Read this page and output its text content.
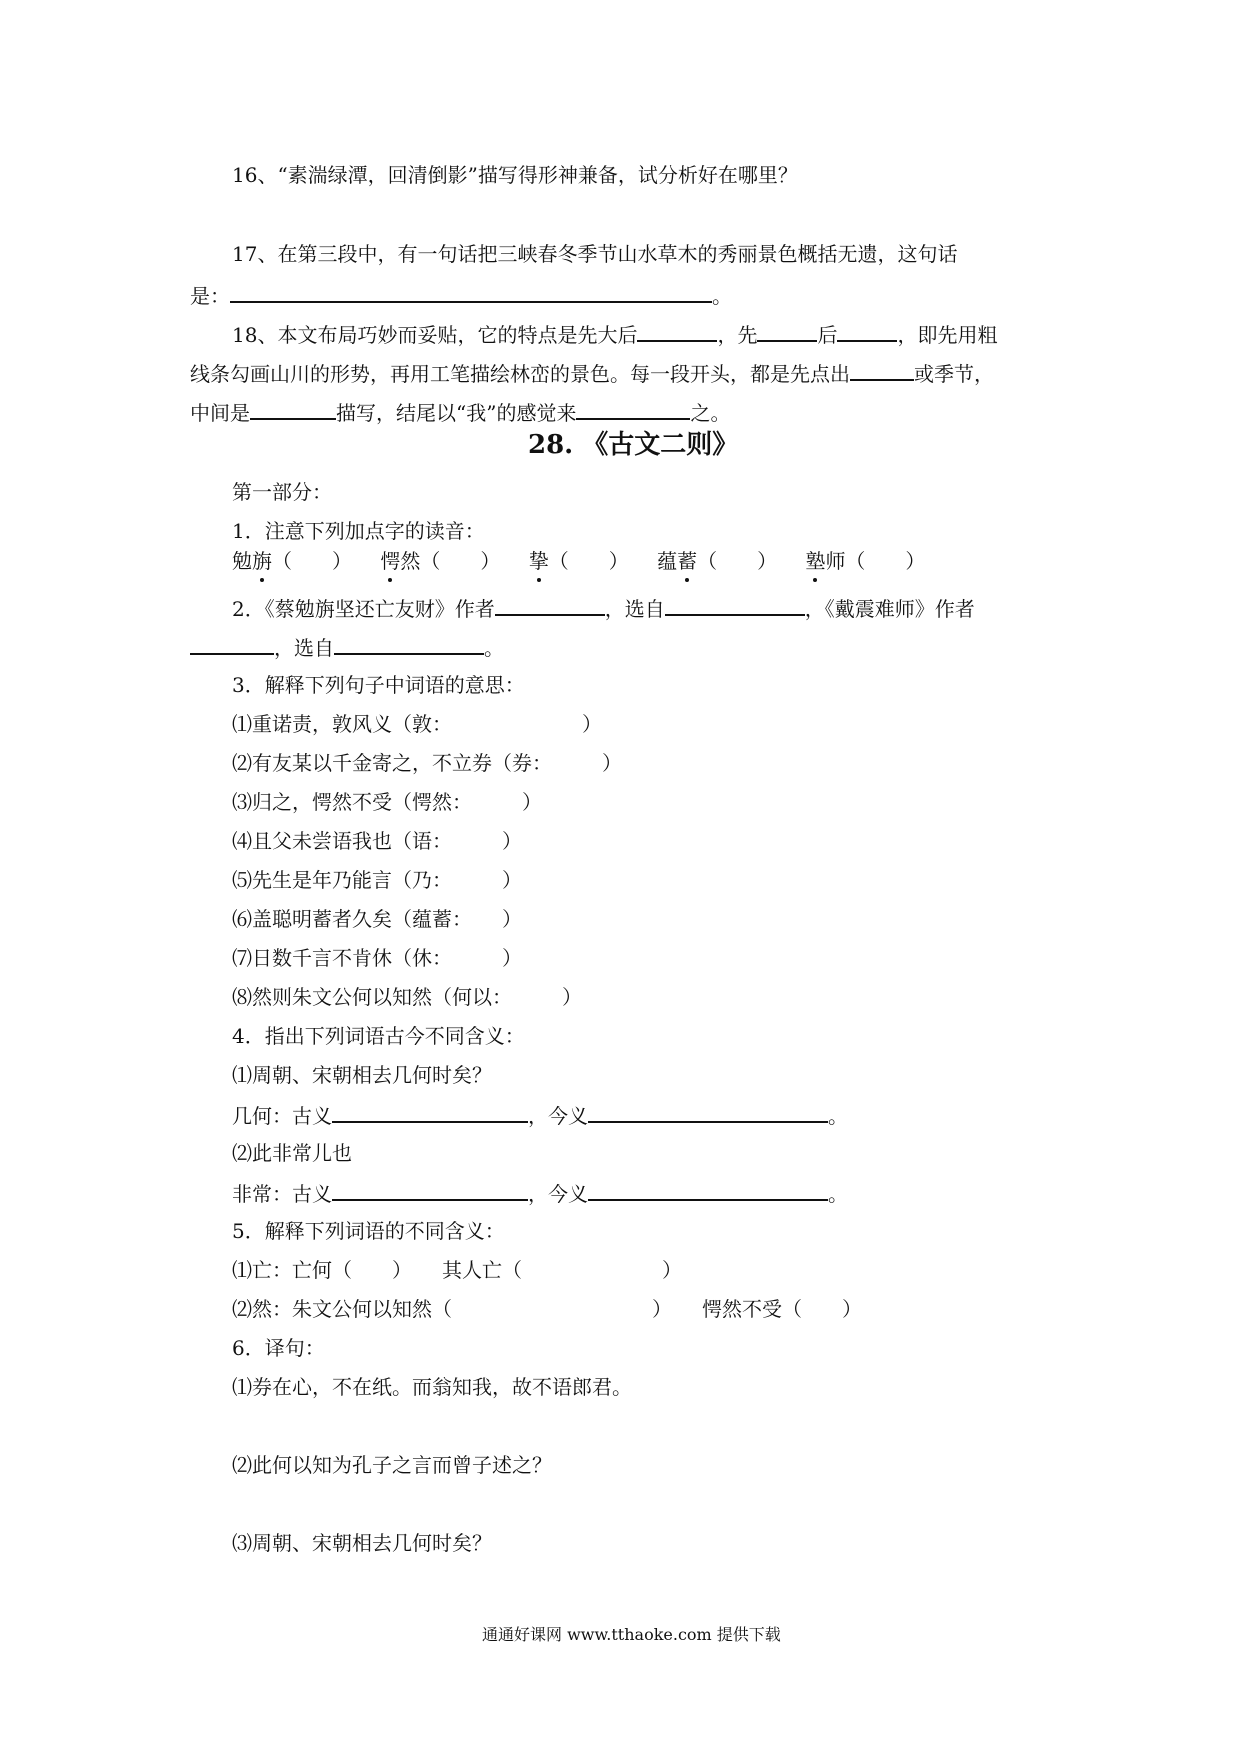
16、“素湍绿潭，回清倒影”描写得形神兼备，试分析好在哪里？
17、在第三段中，有一句话把三峡春冬季节山水草木的秀丽景色概括无遗，这句话
是：	。
18、本文布局巧妙而妥贴，它的特点是先大后	，先	后	，即先用粗
线条勾画山川的形势，再用工笔描绘林峦的景色。每一段开头，都是先点出	或季节，
中间是	描写，结尾以“我”的感觉来	之。
28. 《古文二则》
第一部分：
1．注意下列加点字的读音：
勉旃（　　） 愕然（　　） 挚（　　） 蕴蓄（　　） 塾师（　　）
2．《蔡勉旃坚还亡友财》作者	，选自	，《戴震难师》作者
，选自	。
3．解释下列句子中词语的意思：
⑴重诺责，敦风义（敦：　　　　　　　）
⑵有友某以千金寄之，不立券（券：　　　）
⑶归之，愕然不受（愕然：　　　）
⑷且父未尝语我也（语：　　　）
⑸先生是年乃能言（乃：　　　）
⑹盖聪明蓄者久矣（蕴蓄：　　）
⑺日数千言不肯休（休：　　　）
⑻然则朱文公何以知然（何以：　　　）
4．指出下列词语古今不同含义：
⑴周朝、宋朝相去几何时矣？
几何：古义	，今义	。
⑵此非常儿也
非常：古义	，今义	。
5．解释下列词语的不同含义：
⑴亡：亡何（　　） 其人亡（　　　　　　　）
⑵然：朱文公何以知然（　　　　　　　　　　） 愕然不受（　　）
6．译句：
⑴券在心，不在纸。而翁知我，故不语郎君。
⑵此何以知为孔子之言而曾子述之？
⑶周朝、宋朝相去几何时矣？
通通好课网 www.tthaoke.com 提供下载
